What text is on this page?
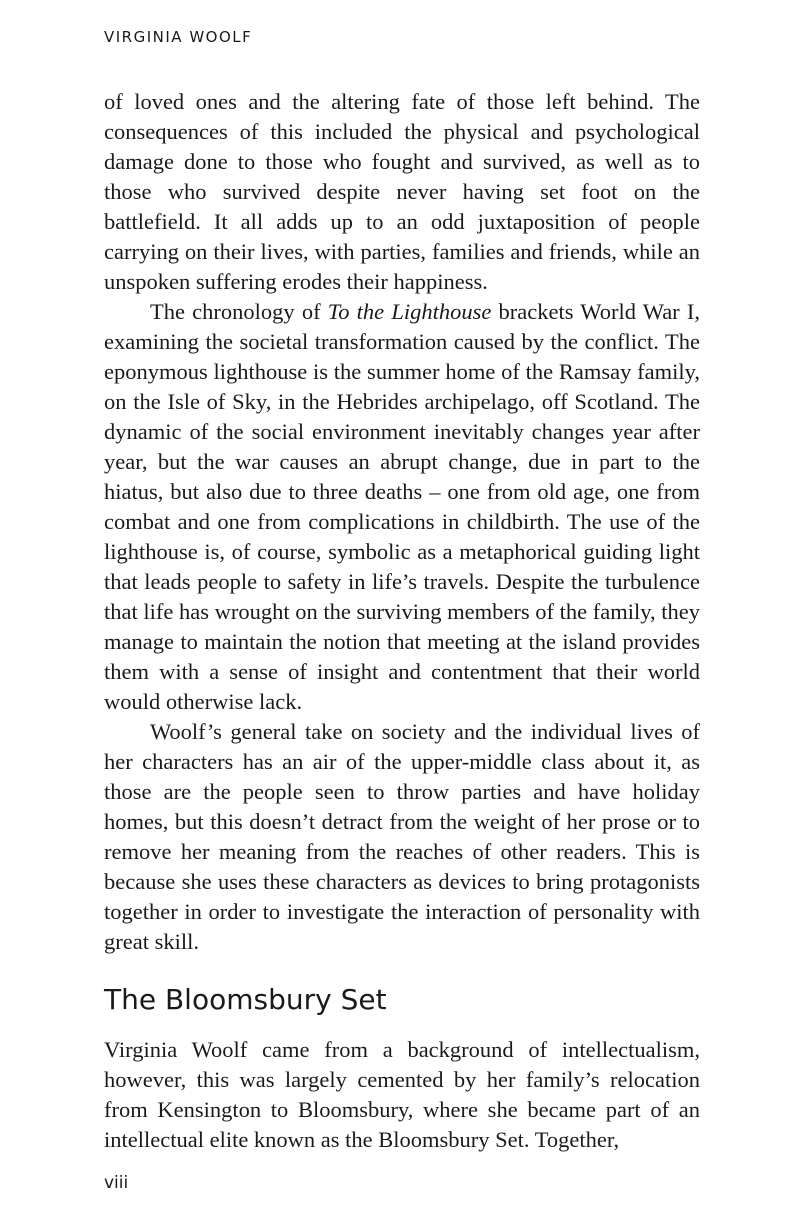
VIRGINIA WOOLF

of loved ones and the altering fate of those left behind. The consequences of this included the physical and psychological damage done to those who fought and survived, as well as to those who survived despite never having set foot on the battlefield. It all adds up to an odd juxtaposition of people carrying on their lives, with parties, families and friends, while an unspoken suffering erodes their happiness.

The chronology of To the Lighthouse brackets World War I, examining the societal transformation caused by the conflict. The eponymous lighthouse is the summer home of the Ramsay family, on the Isle of Sky, in the Hebrides archipelago, off Scotland. The dynamic of the social environment inevitably changes year after year, but the war causes an abrupt change, due in part to the hiatus, but also due to three deaths – one from old age, one from combat and one from complications in childbirth. The use of the lighthouse is, of course, symbolic as a metaphorical guiding light that leads people to safety in life’s travels. Despite the turbulence that life has wrought on the surviving members of the family, they manage to maintain the notion that meeting at the island provides them with a sense of insight and contentment that their world would otherwise lack.

Woolf’s general take on society and the individual lives of her characters has an air of the upper-middle class about it, as those are the people seen to throw parties and have holiday homes, but this doesn’t detract from the weight of her prose or to remove her meaning from the reaches of other readers. This is because she uses these characters as devices to bring protagonists together in order to investigate the interaction of personality with great skill.

The Bloomsbury Set

Virginia Woolf came from a background of intellectualism, however, this was largely cemented by her family’s relocation from Kensington to Bloomsbury, where she became part of an intellectual elite known as the Bloomsbury Set. Together,

viii
